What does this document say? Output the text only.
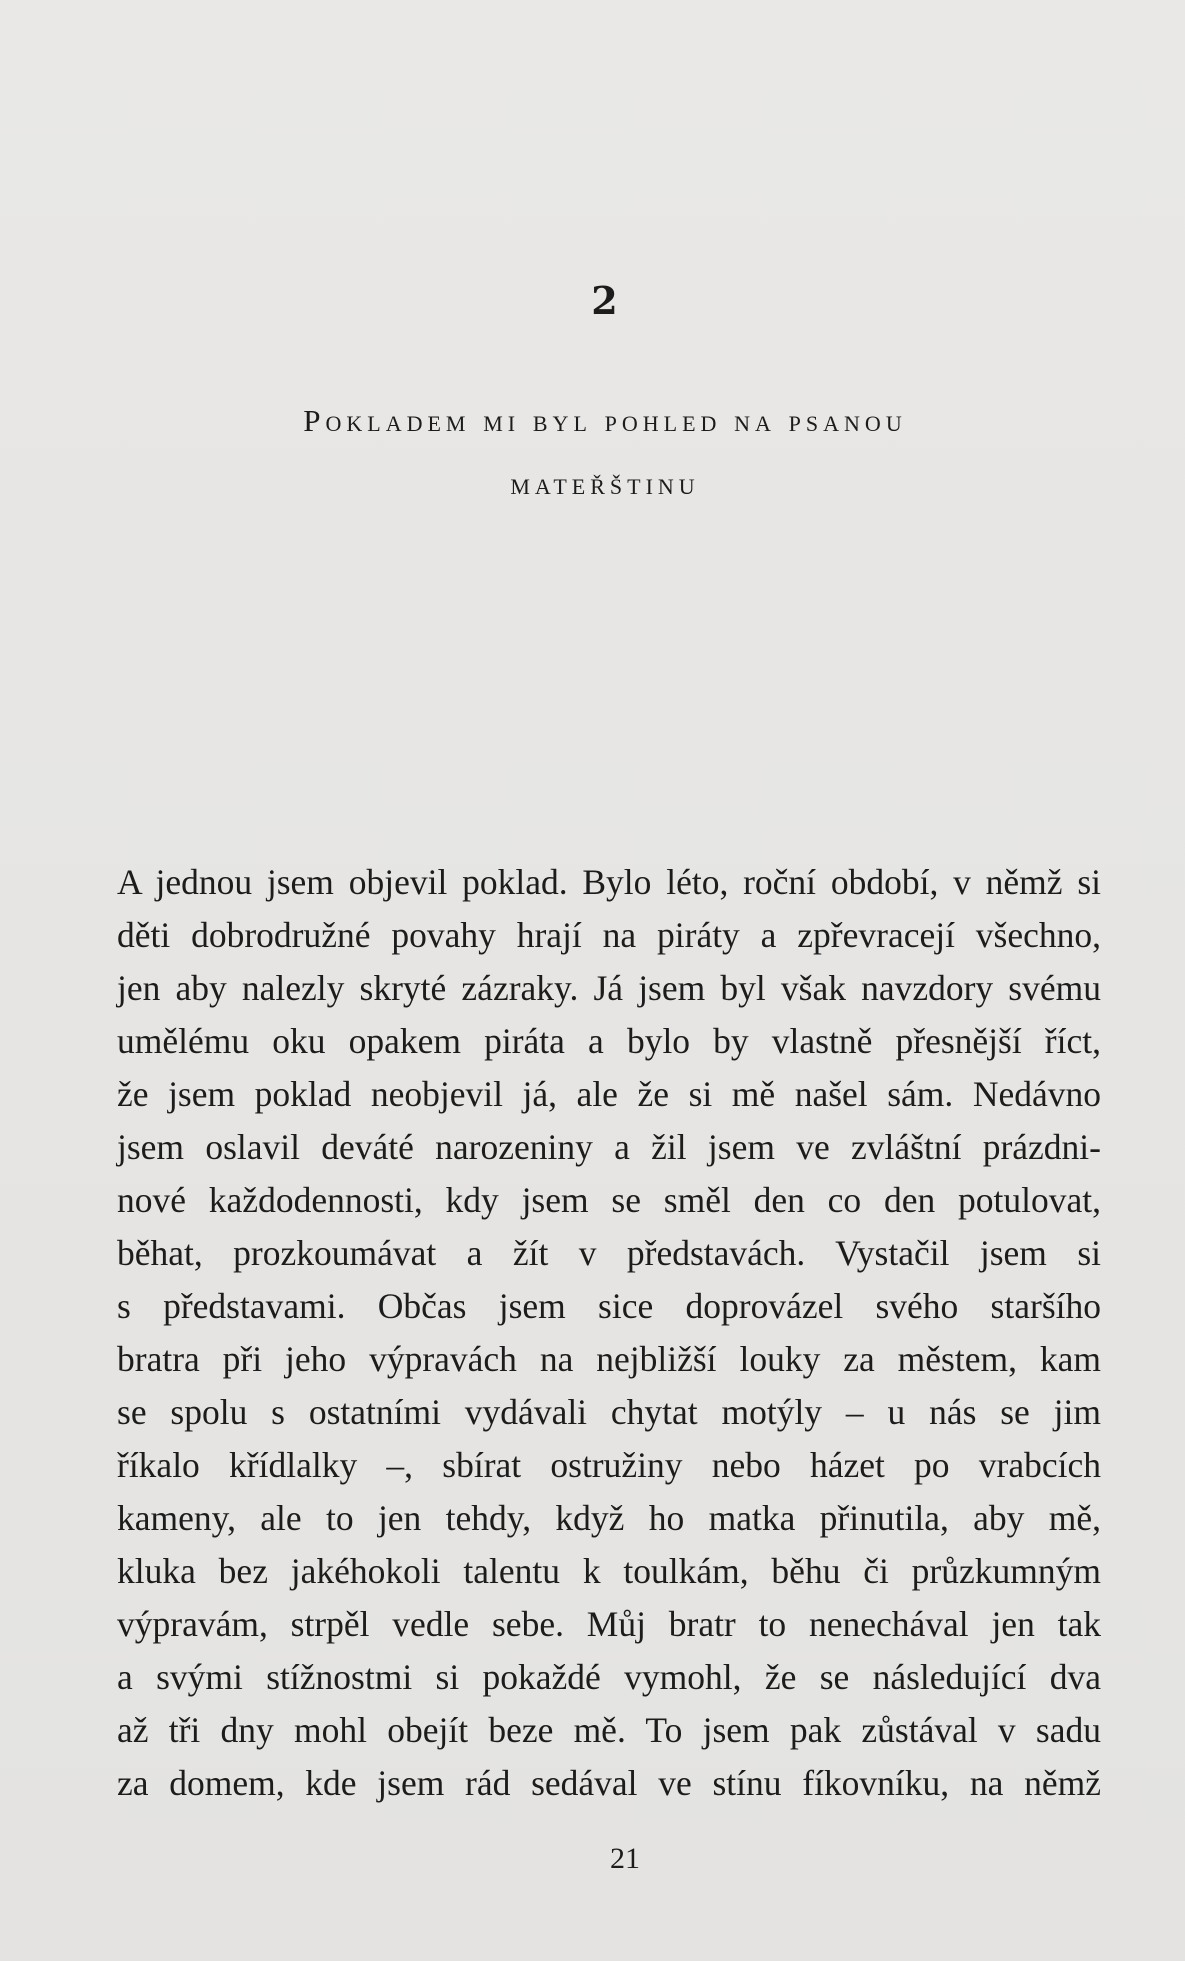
2
Pokladem mi byl pohled na psanou
mateřštinu
A jednou jsem objevil poklad. Bylo léto, roční období, v němž si
děti dobrodružné povahy hrají na piráty a zpřevracejí všechno,
jen aby nalezly skryté zázraky. Já jsem byl však navzdory svému
umělému oku opakem piráta a bylo by vlastně přesnější říct,
že jsem poklad neobjevil já, ale že si mě našel sám. Nedávno
jsem oslavil deváté narozeniny a žil jsem ve zvláštní prázdni-
nové každodennosti, kdy jsem se směl den co den potulovat,
běhat, prozkoumávat a žít v představách. Vystačil jsem si
s představami. Občas jsem sice doprovázel svého staršího
bratra při jeho výpravách na nejbližší louky za městem, kam
se spolu s ostatními vydávali chytat motýly – u nás se jim
říkalo křídlalky –, sbírat ostružiny nebo házet po vrabcích
kameny, ale to jen tehdy, když ho matka přinutila, aby mě,
kluka bez jakéhokoli talentu k toulkám, běhu či průzkumným
výpravám, strpěl vedle sebe. Můj bratr to nenechával jen tak
a svými stížnostmi si pokaždé vymohl, že se následující dva
až tři dny mohl obejít beze mě. To jsem pak zůstával v sadu
za domem, kde jsem rád sedával ve stínu fíkovníku, na němž
21
